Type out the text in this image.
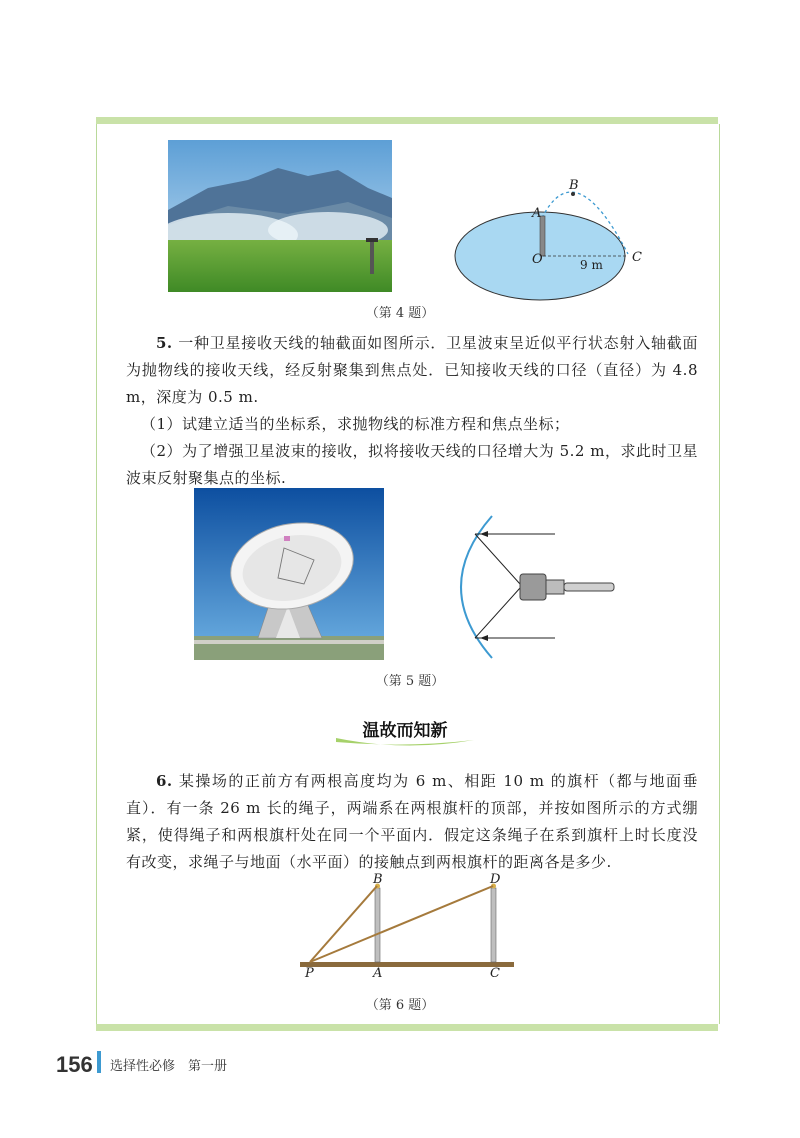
B
A
O	9 m C
（第 4 题）
5. 一种卫星接收天线的轴截面如图所示．卫星波束呈近似平行状态射入轴截面为抛物线的接收天线，经反射聚集到焦点处．已知接收天线的口径（直径）为 4.8 m，深度为 0.5 m.
（1）试建立适当的坐标系，求抛物线的标准方程和焦点坐标；
（2）为了增强卫星波束的接收，拟将接收天线的口径增大为 5.2 m，求此时卫星波束反射聚集点的坐标.
（第 5 题）
温故而知新
6. 某操场的正前方有两根高度均为 6 m、相距 10 m 的旗杆（都与地面垂直）．有一条 26 m 长的绳子，两端系在两根旗杆的顶部，并按如图所示的方式绷紧，使得绳子和两根旗杆处在同一个平面内．假定这条绳子在系到旗杆上时长度没有改变，求绳子与地面（水平面）的接触点到两根旗杆的距离各是多少.
B	D
P	A	C
（第 6 题）
156 选择性必修　第一册
